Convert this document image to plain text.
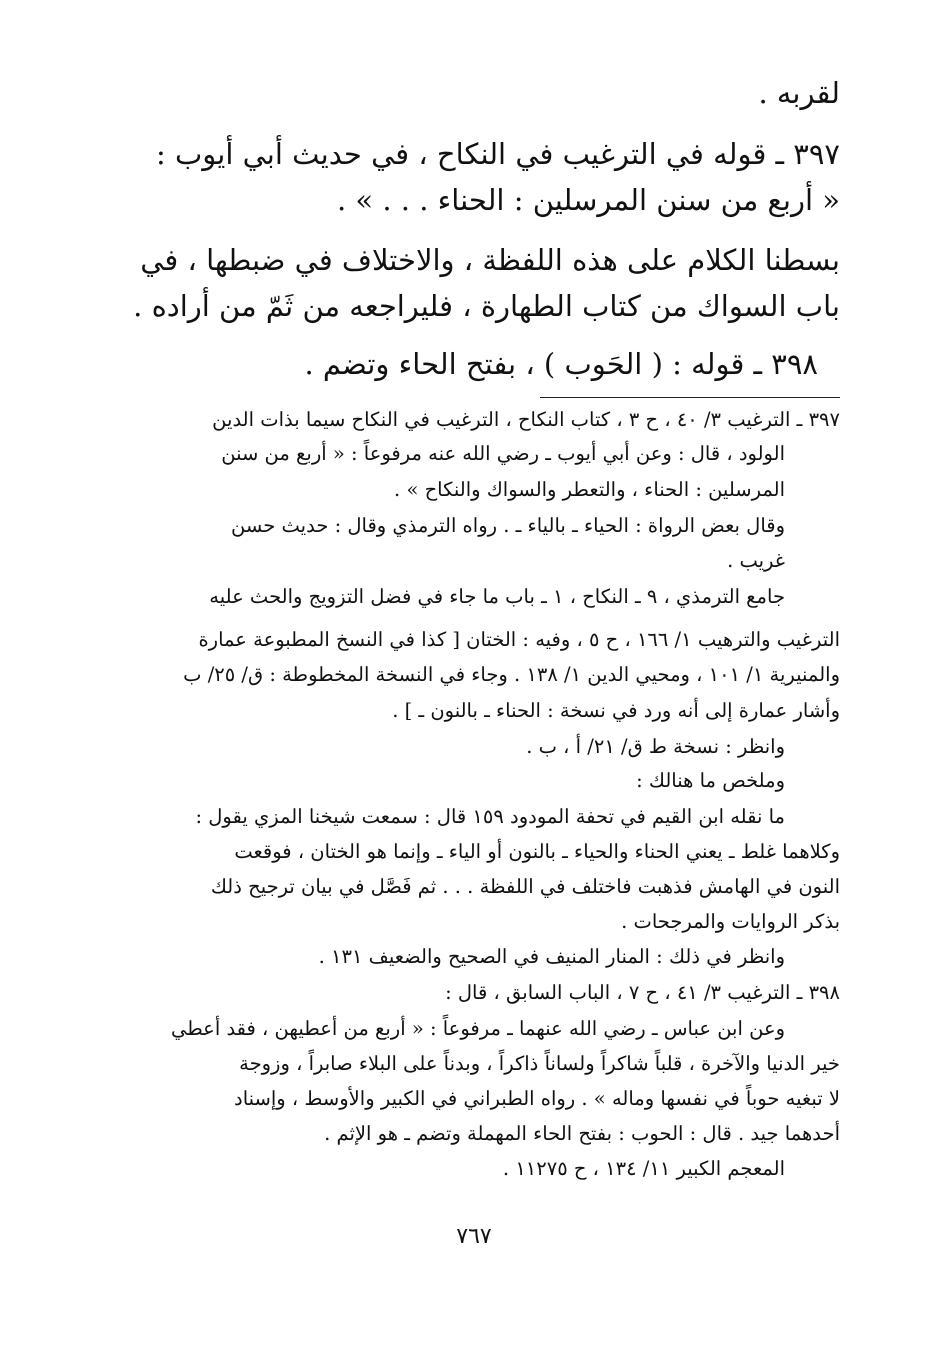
لقربه .
٣٩٧ ـ قوله في الترغيب في النكاح ، في حديث أبي أيوب :
« أربع من سنن المرسلين : الحناء . . . » .
بسطنا الكلام على هذه اللفظة ، والاختلاف في ضبطها ، في
باب السواك من كتاب الطهارة ، فليراجعه من ثَمّ من أراده .
٣٩٨ ـ قوله : ( الحَوب ) ، بفتح الحاء وتضم .
٣٩٧ ـ الترغيب ٣/ ٤٠ ، ح ٣ ، كتاب النكاح ، الترغيب في النكاح سيما بذات الدين
الولود ، قال : وعن أبي أيوب ـ رضي الله عنه مرفوعاً : « أربع من سنن
المرسلين : الحناء ، والتعطر والسواك والنكاح » .
وقال بعض الرواة : الحياء ـ بالياء ـ . رواه الترمذي وقال : حديث حسن
غريب .
جامع الترمذي ، ٩ ـ النكاح ، ١ ـ باب ما جاء في فضل التزويج والحث عليه
الترغيب والترهيب ١/ ١٦٦ ، ح ٥ ، وفيه : الختان [ كذا في النسخ المطبوعة عمارة
والمنيرية ١/ ١٠١ ، ومحيي الدين ١/ ١٣٨ . وجاء في النسخة المخطوطة : ق/ ٢٥/ ب
وأشار عمارة إلى أنه ورد في نسخة : الحناء ـ بالنون ـ ] .
وانظر : نسخة ط ق/ ٢١/ أ ، ب .
وملخص ما هنالك :
ما نقله ابن القيم في تحفة المودود ١٥٩ قال : سمعت شيخنا المزي يقول :
وكلاهما غلط ـ يعني الحناء والحياء ـ بالنون أو الياء ـ وإنما هو الختان ، فوقعت
النون في الهامش فذهبت فاختلف في اللفظة . . . ثم فَصَّل في بيان ترجيح ذلك
بذكر الروايات والمرجحات .
وانظر في ذلك : المنار المنيف في الصحيح والضعيف ١٣١ .
٣٩٨ ـ الترغيب ٣/ ٤١ ، ح ٧ ، الباب السابق ، قال :
وعن ابن عباس ـ رضي الله عنهما ـ مرفوعاً : « أربع من أعطيهن ، فقد أعطي
خير الدنيا والآخرة ، قلباً شاكراً ولساناً ذاكراً ، وبدناً على البلاء صابراً ، وزوجة
لا تبغيه حوباً في نفسها وماله » . رواه الطبراني في الكبير والأوسط ، وإسناد
أحدهما جيد . قال : الحوب : بفتح الحاء المهملة وتضم ـ هو الإثم .
المعجم الكبير ١١/ ١٣٤ ، ح ١١٢٧٥ .
٧٦٧
